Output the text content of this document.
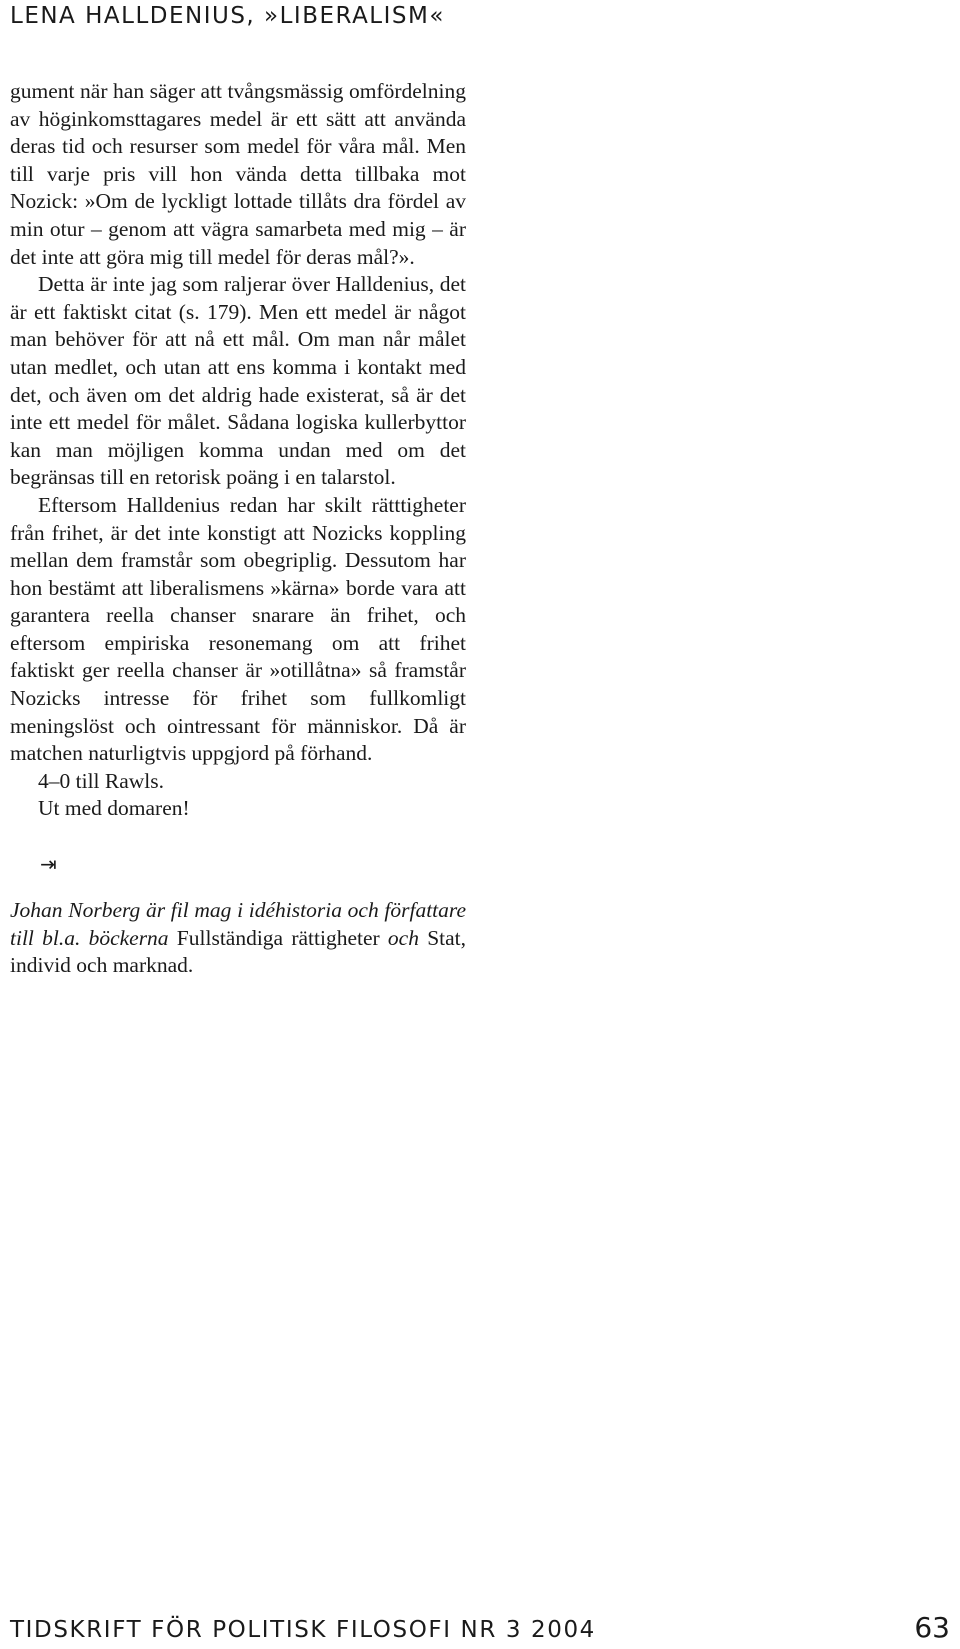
LENA HALLDENIUS, »LIBERALISM«

gument när han säger att tvångsmässig omfördelning av höginkomsttagares medel är ett sätt att använda deras tid och resurser som medel för våra mål. Men till varje pris vill hon vända detta tillbaka mot Nozick: »Om de lyckligt lottade tillåts dra fördel av min otur – genom att vägra samarbeta med mig – är det inte att göra mig till medel för deras mål?».

Detta är inte jag som raljerar över Halldenius, det är ett faktiskt citat (s. 179). Men ett medel är något man behöver för att nå ett mål. Om man når målet utan medlet, och utan att ens komma i kontakt med det, och även om det aldrig hade existerat, så är det inte ett medel för målet. Sådana logiska kullerbyttor kan man möjligen komma undan med om det begränsas till en retorisk poäng i en talarstol.

Eftersom Halldenius redan har skilt rätttigheter från frihet, är det inte konstigt att Nozicks koppling mellan dem framstår som obegriplig. Dessutom har hon bestämt att liberalismens »kärna» borde vara att garantera reella chanser snarare än frihet, och eftersom empiriska resonemang om att frihet faktiskt ger reella chanser är »otillåtna» så framstår Nozicks intresse för frihet som fullkomligt meningslöst och ointressant för människor. Då är matchen naturligtvis uppgjord på förhand.

4–0 till Rawls.

Ut med domaren!

⇥

Johan Norberg är fil mag i idéhistoria och författare till bl.a. böckerna Fullständiga rättigheter och Stat, individ och marknad.

TIDSKRIFT FÖR POLITISK FILOSOFI NR 3 2004	63
